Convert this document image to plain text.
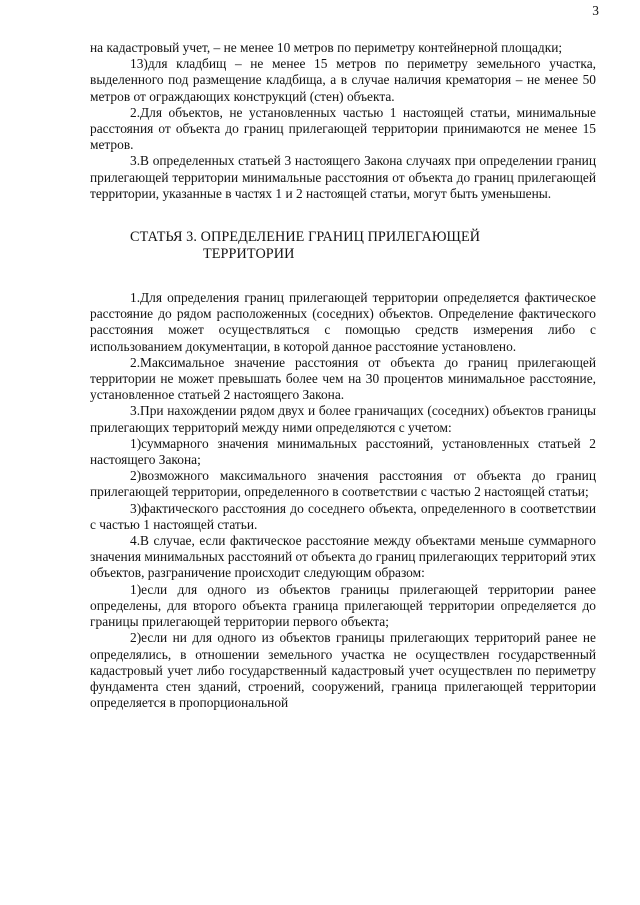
3

на кадастровый учет, – не менее 10 метров по периметру контейнерной площадки;

13)для кладбищ – не менее 15 метров по периметру земельного участка, выделенного под размещение кладбища, а в случае наличия крематория – не менее 50 метров от ограждающих конструкций (стен) объекта.

2.Для объектов, не установленных частью 1 настоящей статьи, минимальные расстояния от объекта до границ прилегающей территории принимаются не менее 15 метров.

3.В определенных статьей 3 настоящего Закона случаях при определении границ прилегающей территории минимальные расстояния от объекта до границ прилегающей территории, указанные в частях 1 и 2 настоящей статьи, могут быть уменьшены.

СТАТЬЯ 3. ОПРЕДЕЛЕНИЕ ГРАНИЦ ПРИЛЕГАЮЩЕЙ
ТЕРРИТОРИИ

1.Для определения границ прилегающей территории определяется фактическое расстояние до рядом расположенных (соседних) объектов. Определение фактического расстояния может осуществляться с помощью средств измерения либо с использованием документации, в которой данное расстояние установлено.

2.Максимальное значение расстояния от объекта до границ прилегающей территории не может превышать более чем на 30 процентов минимальное расстояние, установленное статьей 2 настоящего Закона.

3.При нахождении рядом двух и более граничащих (соседних) объектов границы прилегающих территорий между ними определяются с учетом:

1)суммарного значения минимальных расстояний, установленных статьей 2 настоящего Закона;

2)возможного максимального значения расстояния от объекта до границ прилегающей территории, определенного в соответствии с частью 2 настоящей статьи;

3)фактического расстояния до соседнего объекта, определенного в соответствии с частью 1 настоящей статьи.

4.В случае, если фактическое расстояние между объектами меньше суммарного значения минимальных расстояний от объекта до границ прилегающих территорий этих объектов, разграничение происходит следующим образом:

1)если для одного из объектов границы прилегающей территории ранее определены, для второго объекта граница прилегающей территории определяется до границы прилегающей территории первого объекта;

2)если ни для одного из объектов границы прилегающих территорий ранее не определялись, в отношении земельного участка не осуществлен государственный кадастровый учет либо государственный кадастровый учет осуществлен по периметру фундамента стен зданий, строений, сооружений, граница прилегающей территории определяется в пропорциональной
